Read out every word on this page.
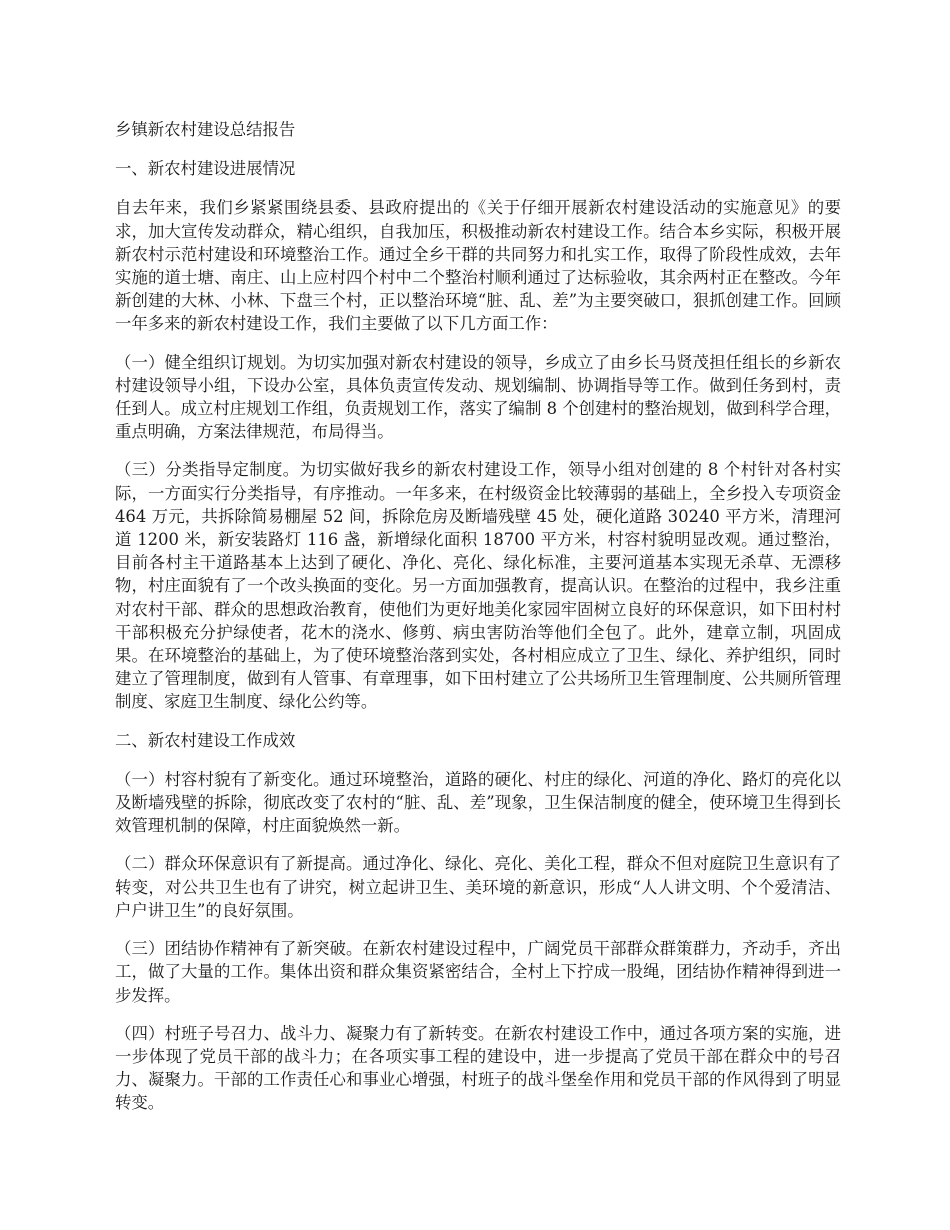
乡镇新农村建设总结报告

一、新农村建设进展情况

自去年来，我们乡紧紧围绕县委、县政府提出的《关于仔细开展新农村建设活动的实施意见》的要求，加大宣传发动群众，精心组织，自我加压，积极推动新农村建设工作。结合本乡实际，积极开展新农村示范村建设和环境整治工作。通过全乡干群的共同努力和扎实工作，取得了阶段性成效，去年实施的道士塘、南庄、山上应村四个村中二个整治村顺利通过了达标验收，其余两村正在整改。今年新创建的大林、小林、下盘三个村，正以整治环境“脏、乱、差”为主要突破口，狠抓创建工作。回顾一年多来的新农村建设工作，我们主要做了以下几方面工作：

（一）健全组织订规划。为切实加强对新农村建设的领导，乡成立了由乡长马贤茂担任组长的乡新农村建设领导小组，下设办公室，具体负责宣传发动、规划编制、协调指导等工作。做到任务到村，责任到人。成立村庄规划工作组，负责规划工作，落实了编制 8 个创建村的整治规划，做到科学合理，重点明确，方案法律规范，布局得当。

（三）分类指导定制度。为切实做好我乡的新农村建设工作，领导小组对创建的 8 个村针对各村实际，一方面实行分类指导，有序推动。一年多来，在村级资金比较薄弱的基础上，全乡投入专项资金 464 万元，共拆除简易棚屋 52 间，拆除危房及断墙残壁 45 处，硬化道路 30240 平方米，清理河道 1200 米，新安装路灯 116 盏，新增绿化面积 18700 平方米，村容村貌明显改观。通过整治，目前各村主干道路基本上达到了硬化、净化、亮化、绿化标准，主要河道基本实现无杀草、无漂移物，村庄面貌有了一个改头换面的变化。另一方面加强教育，提高认识。在整治的过程中，我乡注重对农村干部、群众的思想政治教育，使他们为更好地美化家园牢固树立良好的环保意识，如下田村村干部积极充分护绿使者，花木的浇水、修剪、病虫害防治等他们全包了。此外，建章立制，巩固成果。在环境整治的基础上，为了使环境整治落到实处，各村相应成立了卫生、绿化、养护组织，同时建立了管理制度，做到有人管事、有章理事，如下田村建立了公共场所卫生管理制度、公共厕所管理制度、家庭卫生制度、绿化公约等。

二、新农村建设工作成效

（一）村容村貌有了新变化。通过环境整治，道路的硬化、村庄的绿化、河道的净化、路灯的亮化以及断墙残壁的拆除，彻底改变了农村的“脏、乱、差”现象，卫生保洁制度的健全，使环境卫生得到长效管理机制的保障，村庄面貌焕然一新。

（二）群众环保意识有了新提高。通过净化、绿化、亮化、美化工程，群众不但对庭院卫生意识有了转变，对公共卫生也有了讲究，树立起讲卫生、美环境的新意识，形成“人人讲文明、个个爱清洁、户户讲卫生”的良好氛围。

（三）团结协作精神有了新突破。在新农村建设过程中，广阔党员干部群众群策群力，齐动手，齐出工，做了大量的工作。集体出资和群众集资紧密结合，全村上下拧成一股绳，团结协作精神得到进一步发挥。

（四）村班子号召力、战斗力、凝聚力有了新转变。在新农村建设工作中，通过各项方案的实施，进一步体现了党员干部的战斗力；在各项实事工程的建设中，进一步提高了党员干部在群众中的号召力、凝聚力。干部的工作责任心和事业心增强，村班子的战斗堡垒作用和党员干部的作风得到了明显转变。
